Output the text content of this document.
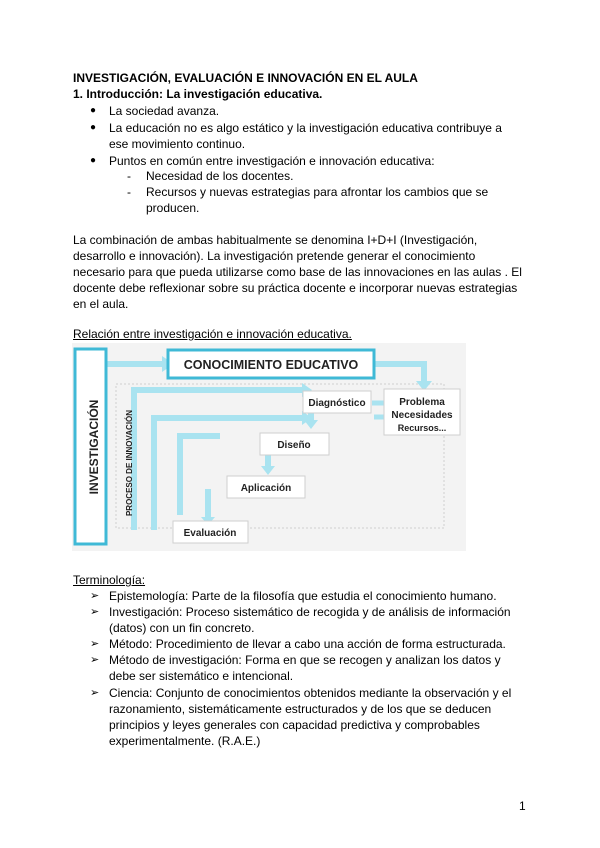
INVESTIGACIÓN, EVALUACIÓN E INNOVACIÓN EN EL AULA
1. Introducción: La investigación educativa.
● La sociedad avanza.
● La educación no es algo estático y la investigación educativa contribuye a
ese movimiento continuo.
● Puntos en común entre investigación e innovación educativa:
- Necesidad de los docentes.
- Recursos y nuevas estrategias para afrontar los cambios que se
producen.
La combinación de ambas habitualmente se denomina I+D+I (Investigación,
desarrollo e innovación). La investigación pretende generar el conocimiento
necesario para que pueda utilizarse como base de las innovaciones en las aulas . El
docente debe reflexionar sobre su práctica docente e incorporar nuevas estrategias
en el aula.
Relación entre investigación e innovación educativa.
INVESTIGACIÓN	PROCESO DE INNOVACIÓN
CONOCIMIENTO EDUCATIVO
Diagnóstico	Problema
Necesidades
Recursos...
Diseño
Aplicación
Evaluación
Terminología:
➢ Epistemología: Parte de la filosofía que estudia el conocimiento humano.
➢ Investigación: Proceso sistemático de recogida y de análisis de información
(datos) con un fin concreto.
➢ Método: Procedimiento de llevar a cabo una acción de forma estructurada.
➢ Método de investigación: Forma en que se recogen y analizan los datos y
debe ser sistemático e intencional.
➢ Ciencia: Conjunto de conocimientos obtenidos mediante la observación y el
razonamiento, sistemáticamente estructurados y de los que se deducen
principios y leyes generales con capacidad predictiva y comprobables
experimentalmente. (R.A.E.)
1
